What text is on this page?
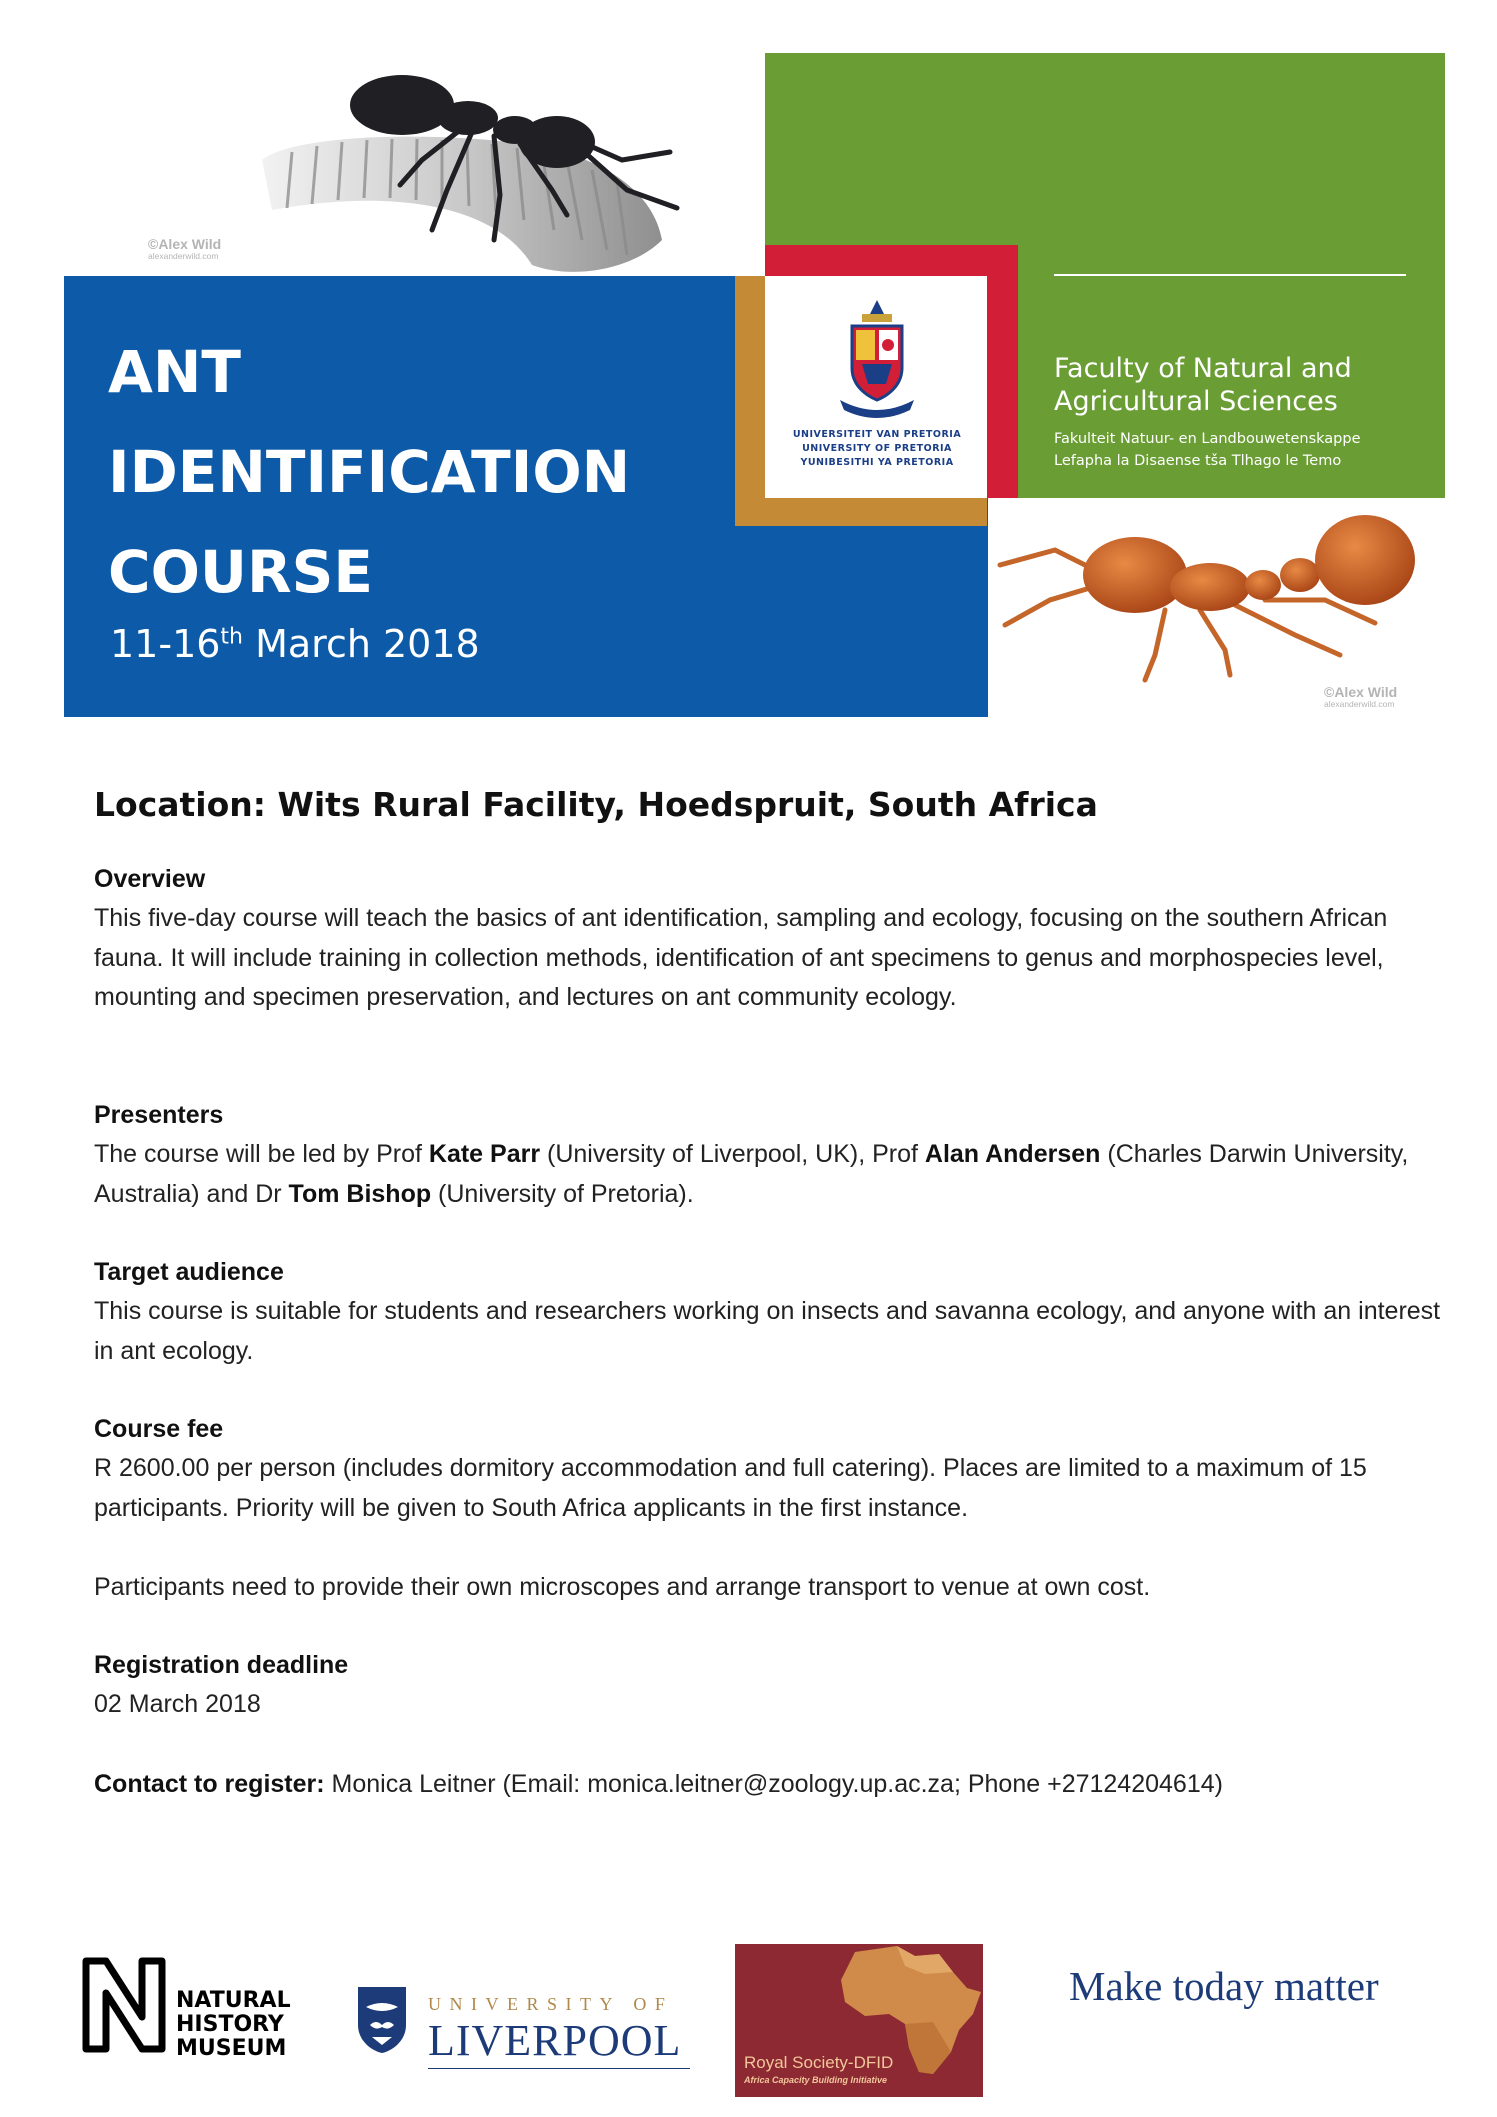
©Alex Wild
alexanderwild.com
ANT
IDENTIFICATION
COURSE

11-16th March 2018

UNIVERSITEIT VAN PRETORIA
UNIVERSITY OF PRETORIA
YUNIBESITHI YA PRETORIA
Faculty of Natural and
Agricultural Sciences
Fakulteit Natuur- en Landbouwetenskappe
Lefapha la Disaense tša Tlhago le Temo
©Alex Wild
alexanderwild.com
Location: Wits Rural Facility, Hoedspruit, South Africa
Overview

This five-day course will teach the basics of ant identification, sampling and ecology, focusing on the southern African fauna. It will include training in collection methods, identification of ant specimens to genus and morphospecies level, mounting and specimen preservation, and lectures on ant community ecology.

Presenters

The course will be led by Prof Kate Parr (University of Liverpool, UK), Prof Alan Andersen (Charles Darwin University, Australia) and Dr Tom Bishop (University of Pretoria).

Target audience

This course is suitable for students and researchers working on insects and savanna ecology, and anyone with an interest in ant ecology.

Course fee

R 2600.00 per person (includes dormitory accommodation and full catering). Places are limited to a maximum of 15 participants. Priority will be given to South Africa applicants in the first instance.

Participants need to provide their own microscopes and arrange transport to venue at own cost.

Registration deadline

02 March 2018

Contact to register: Monica Leitner (Email: monica.leitner@zoology.up.ac.za; Phone +27124204614)

NATURAL
HISTORY
MUSEUM
UNIVERSITY OF
LIVERPOOL	Royal Society-DFID
Africa Capacity Building Initiative

Make today matter
